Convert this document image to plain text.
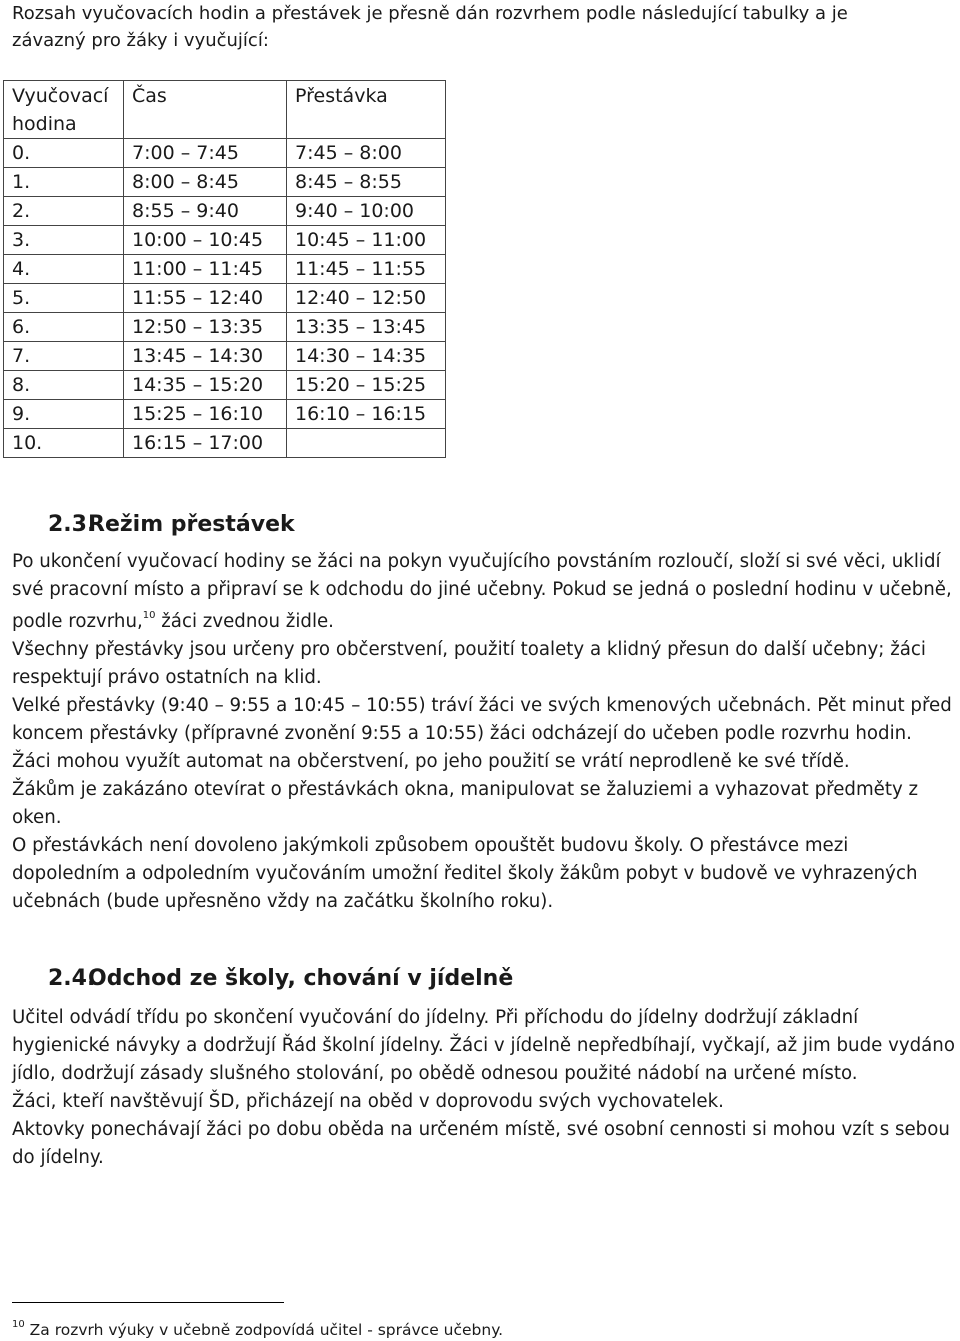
Rozsah vyučovacích hodin a přestávek je přesně dán rozvrhem podle následující tabulky a je závazný pro žáky i vyučující:
Vyučovací hodina	Čas	Přestávka
0.	7:00 – 7:45	7:45 – 8:00
1.	8:00 – 8:45	8:45 – 8:55
2.	8:55 – 9:40	9:40 – 10:00
3.	10:00 – 10:45	10:45 – 11:00
4.	11:00 – 11:45	11:45 – 11:55
5.	11:55 – 12:40	12:40 – 12:50
6.	12:50 – 13:35	13:35 – 13:45
7.	13:45 – 14:30	14:30 – 14:35
8.	14:35 – 15:20	15:20 – 15:25
9.	15:25 – 16:10	16:10 – 16:15
10.	16:15 – 17:00	
2.3.Režim přestávek

Po ukončení vyučovací hodiny se žáci na pokyn vyučujícího povstáním rozloučí, složí si své věci, uklidí své pracovní místo a připraví se k odchodu do jiné učebny. Pokud se jedná o poslední hodinu v učebně, podle rozvrhu,$^{10}$ žáci zvednou židle.

Všechny přestávky jsou určeny pro občerstvení, použití toalety a klidný přesun do další učebny; žáci respektují právo ostatních na klid.

Velké přestávky (9:40 – 9:55 a 10:45 – 10:55) tráví žáci ve svých kmenových učebnách. Pět minut před koncem přestávky (přípravné zvonění 9:55 a 10:55) žáci odcházejí do učeben podle rozvrhu hodin.

Žáci mohou využít automat na občerstvení, po jeho použití se vrátí neprodleně ke své třídě.

Žákům je zakázáno otevírat o přestávkách okna, manipulovat se žaluziemi a vyhazovat předměty z oken.

O přestávkách není dovoleno jakýmkoli způsobem opouštět budovu školy. O přestávce mezi dopoledním a odpoledním vyučováním umožní ředitel školy žákům pobyt v budově ve vyhrazených učebnách (bude upřesněno vždy na začátku školního roku).

2.4.Odchod ze školy, chování v jídelně

Učitel odvádí třídu po skončení vyučování do jídelny. Při příchodu do jídelny dodržují základní hygienické návyky a dodržují Řád školní jídelny. Žáci v jídelně nepředbíhají, vyčkají, až jim bude vydáno jídlo, dodržují zásady slušného stolování, po obědě odnesou použité nádobí na určené místo.

Žáci, kteří navštěvují ŠD, přicházejí na oběd v doprovodu svých vychovatelek.

Aktovky ponechávají žáci po dobu oběda na určeném místě, své osobní cennosti si mohou vzít s sebou do jídelny.

$^{10}$ Za rozvrh výuky v učebně zodpovídá učitel - správce učebny.
